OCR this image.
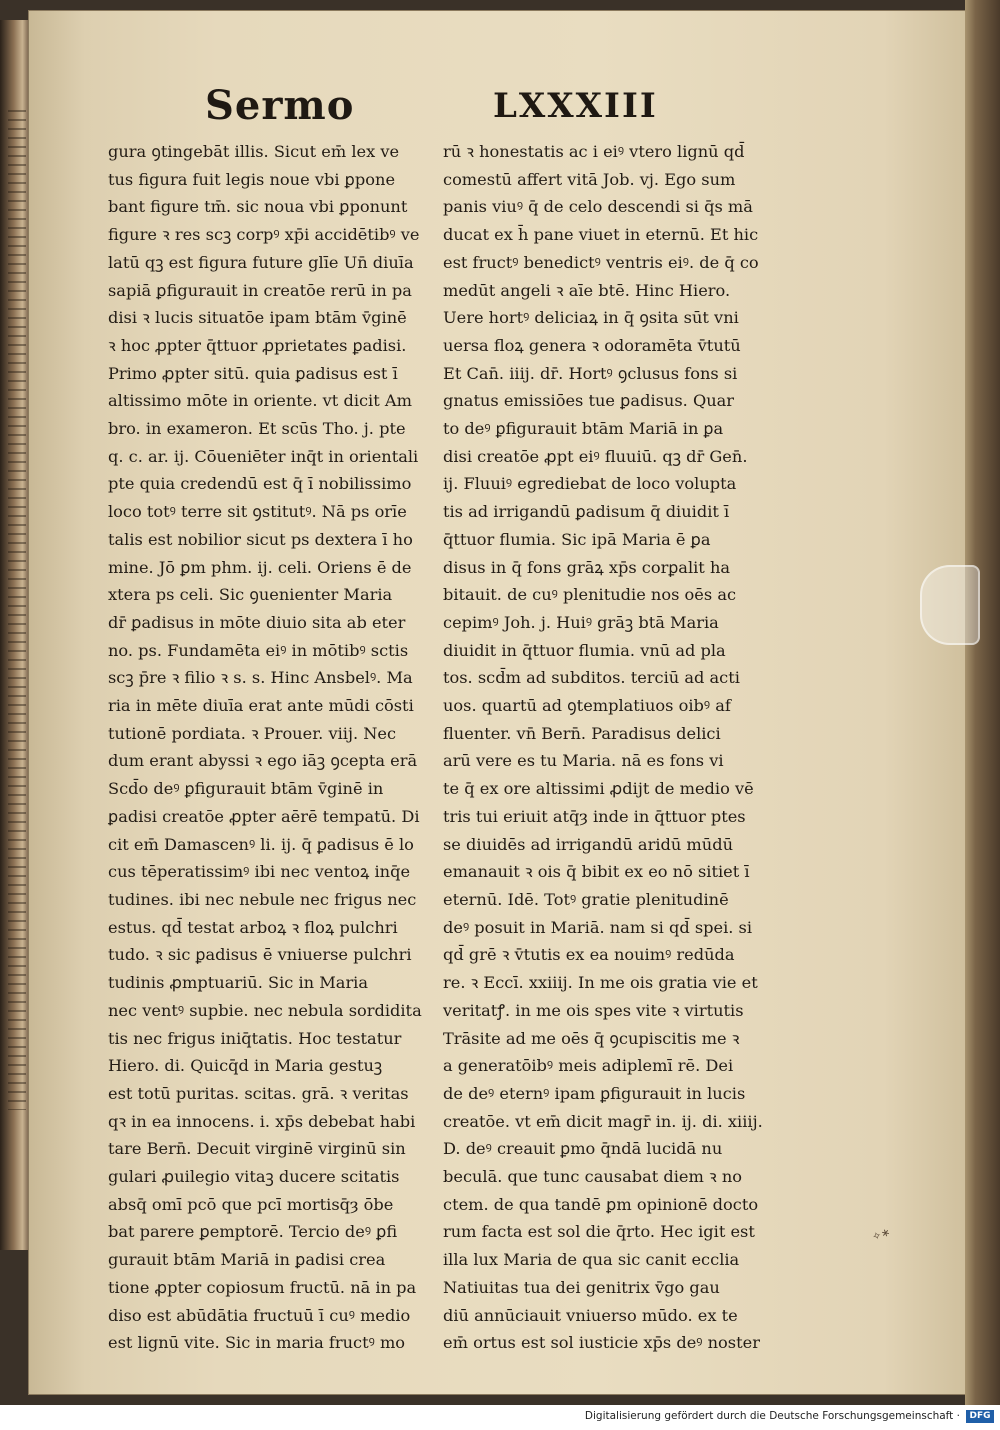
Sermo	LXXXIII
gura ꝯtingebāt illis. Sicut em̄ lex ve
tus figura fuit legis noue vbi ꝑpone
bant figure tm̄. sic noua vbi ꝑponunt
figure ꝛ res scꝫ corpꝰ xp̄i accidētibꝰ ve
latū qꝫ est figura future glīe Un̄ diuīa
sapiā ꝑfigurauit in creatōe rerū in pa
disi ꝛ lucis situatōe ipam btām v̄ginē
ꝛ hoc ꝓpter q̄ttuor ꝓprietates ꝑadisi.
Primo ꝓpter sitū. quia ꝑadisus est ī
altissimo mōte in oriente. vt dicit Am
bro. in exameron. Et scūs Tho. j. pte
q. c. ar. ij. Cōueniēter inq̄t in orientali
pte quia credendū est q̄ ī nobilissimo
loco totꝰ terre sit ꝯstitutꝰ. Nā ps orīe
talis est nobilior sicut ps dextera ī ho
mine. Jō ꝑm phm. ij. celi. Oriens ē de
xtera ps celi. Sic ꝯuenienter Maria
dr̄ ꝑadisus in mōte diuio sita ab eter
no. ps. Fundamēta eiꝰ in mōtibꝰ sctis
scꝫ p̄re ꝛ filio ꝛ s. s. Hinc Ansbelꝰ. Ma
ria in mēte diuīa erat ante mūdi cōsti
tutionē pordiata. ꝛ Prouer. viij. Nec
dum erant abyssi ꝛ ego iāꝫ ꝯcepta erā
Scd̄o deꝰ ꝑfigurauit btām v̄ginē in
ꝑadisi creatōe ꝓpter aērē tempatū. Di
cit em̄ Damascenꝰ li. ij. q̄ ꝑadisus ē lo
cus tēperatissimꝰ ibi nec ventoꝝ inq̄e
tudines. ibi nec nebule nec frigus nec
estus. qd̄ testat arboꝝ ꝛ floꝝ pulchri
tudo. ꝛ sic ꝑadisus ē vniuerse pulchri
tudinis ꝓmptuariū. Sic in Maria
nec ventꝰ supbie. nec nebula sordidita
tis nec frigus iniq̄tatis. Hoc testatur
Hiero. di. Quicq̄d in Maria gestuꝫ
est totū puritas. scitas. grā. ꝛ veritas
qꝛ in ea innocens. i. xp̄s debebat habi
tare Bern̄. Decuit virginē virginū sin
gulari ꝓuilegio vitaꝫ ducere scitatis
absq̄ omī pcō que pcī mortisq̄ȝ ōbe
bat parere ꝑemptorē. Tercio deꝰ ꝑfi
gurauit btām Mariā in ꝑadisi crea
tione ꝓpter copiosum fructū. nā in pa
diso est abūdātia fructuū ī cuꝰ medio
est lignū vite. Sic in maria fructꝰ mo
rū ꝛ honestatis ac i eiꝰ vtero lignū qd̄
comestū affert vitā Job. vj. Ego sum
panis viuꝰ q̄ de celo descendi si q̄s mā
ducat ex h̄ pane viuet in eternū. Et hic
est fructꝰ benedictꝰ ventris eiꝰ. de q̄ co
medūt angeli ꝛ aīe btē. Hinc Hiero.
Uere hortꝰ deliciaꝝ in q̄ ꝯsita sūt vni
uersa floꝝ genera ꝛ odoramēta v̄tutū
Et Can̄. iiij. dr̄. Hortꝰ ꝯclusus fons si
gnatus emissiōes tue ꝑadisus. Quar
to deꝰ ꝑfigurauit btām Mariā in ꝑa
disi creatōe ꝓpt eiꝰ fluuiū. qꝫ dr̄ Gen̄.
ij. Fluuiꝰ egrediebat de loco volupta
tis ad irrigandū ꝑadisum q̄ diuidit ī
q̄ttuor flumia. Sic ipā Maria ē ꝑa
disus in q̄ fons grāꝝ xp̄s corꝑalit ha
bitauit. de cuꝰ plenitudie nos oēs ac
cepimꝰ Joh. j. Huiꝰ grāꝫ btā Maria
diuidit in q̄ttuor flumia. vnū ad pla
tos. scd̄m ad subditos. terciū ad acti
uos. quartū ad ꝯtemplatiuos oibꝰ af
fluenter. vn̄ Bern̄. Paradisus delici
arū vere es tu Maria. nā es fons vi
te q̄ ex ore altissimi ꝓdijt de medio vē
tris tui eriuit atq̄ȝ inde in q̄ttuor ptes
se diuidēs ad irrigandū aridū mūdū
emanauit ꝛ ois q̄ bibit ex eo nō sitiet ī
eternū. Idē. Totꝰ gratie plenitudinē
deꝰ posuit in Mariā. nam si qd̄ spei. si
qd̄ grē ꝛ v̄tutis ex ea nouimꝰ redūda
re. ꝛ Eccī. xxiiij. In me ois gratia vie et
veritatꝭ. in me ois spes vite ꝛ virtutis
Trāsite ad me oēs q̄ ꝯcupiscitis me ꝛ
a generatōibꝰ meis adiplemī rē. Dei
de deꝰ eternꝰ ipam ꝑfigurauit in lucis
creatōe. vt em̄ dicit magr̄ in. ij. di. xiiij.
D. deꝰ creauit ꝑmo q̄ndā lucidā nu
beculā. que tunc causabat diem ꝛ no
ctem. de qua tandē ꝑm opinionē docto
rum facta est sol die q̄rto. Hec igit est
illa lux Maria de qua sic canit ecclia
Natiuitas tua dei genitrix v̄go gau
diū annūciauit vniuerso mūdo. ex te
em̄ ortus est sol iusticie xp̄s deꝰ noster
✧∗
Digitalisierung gefördert durch die Deutsche Forschungsgemeinschaft ·	DFG
